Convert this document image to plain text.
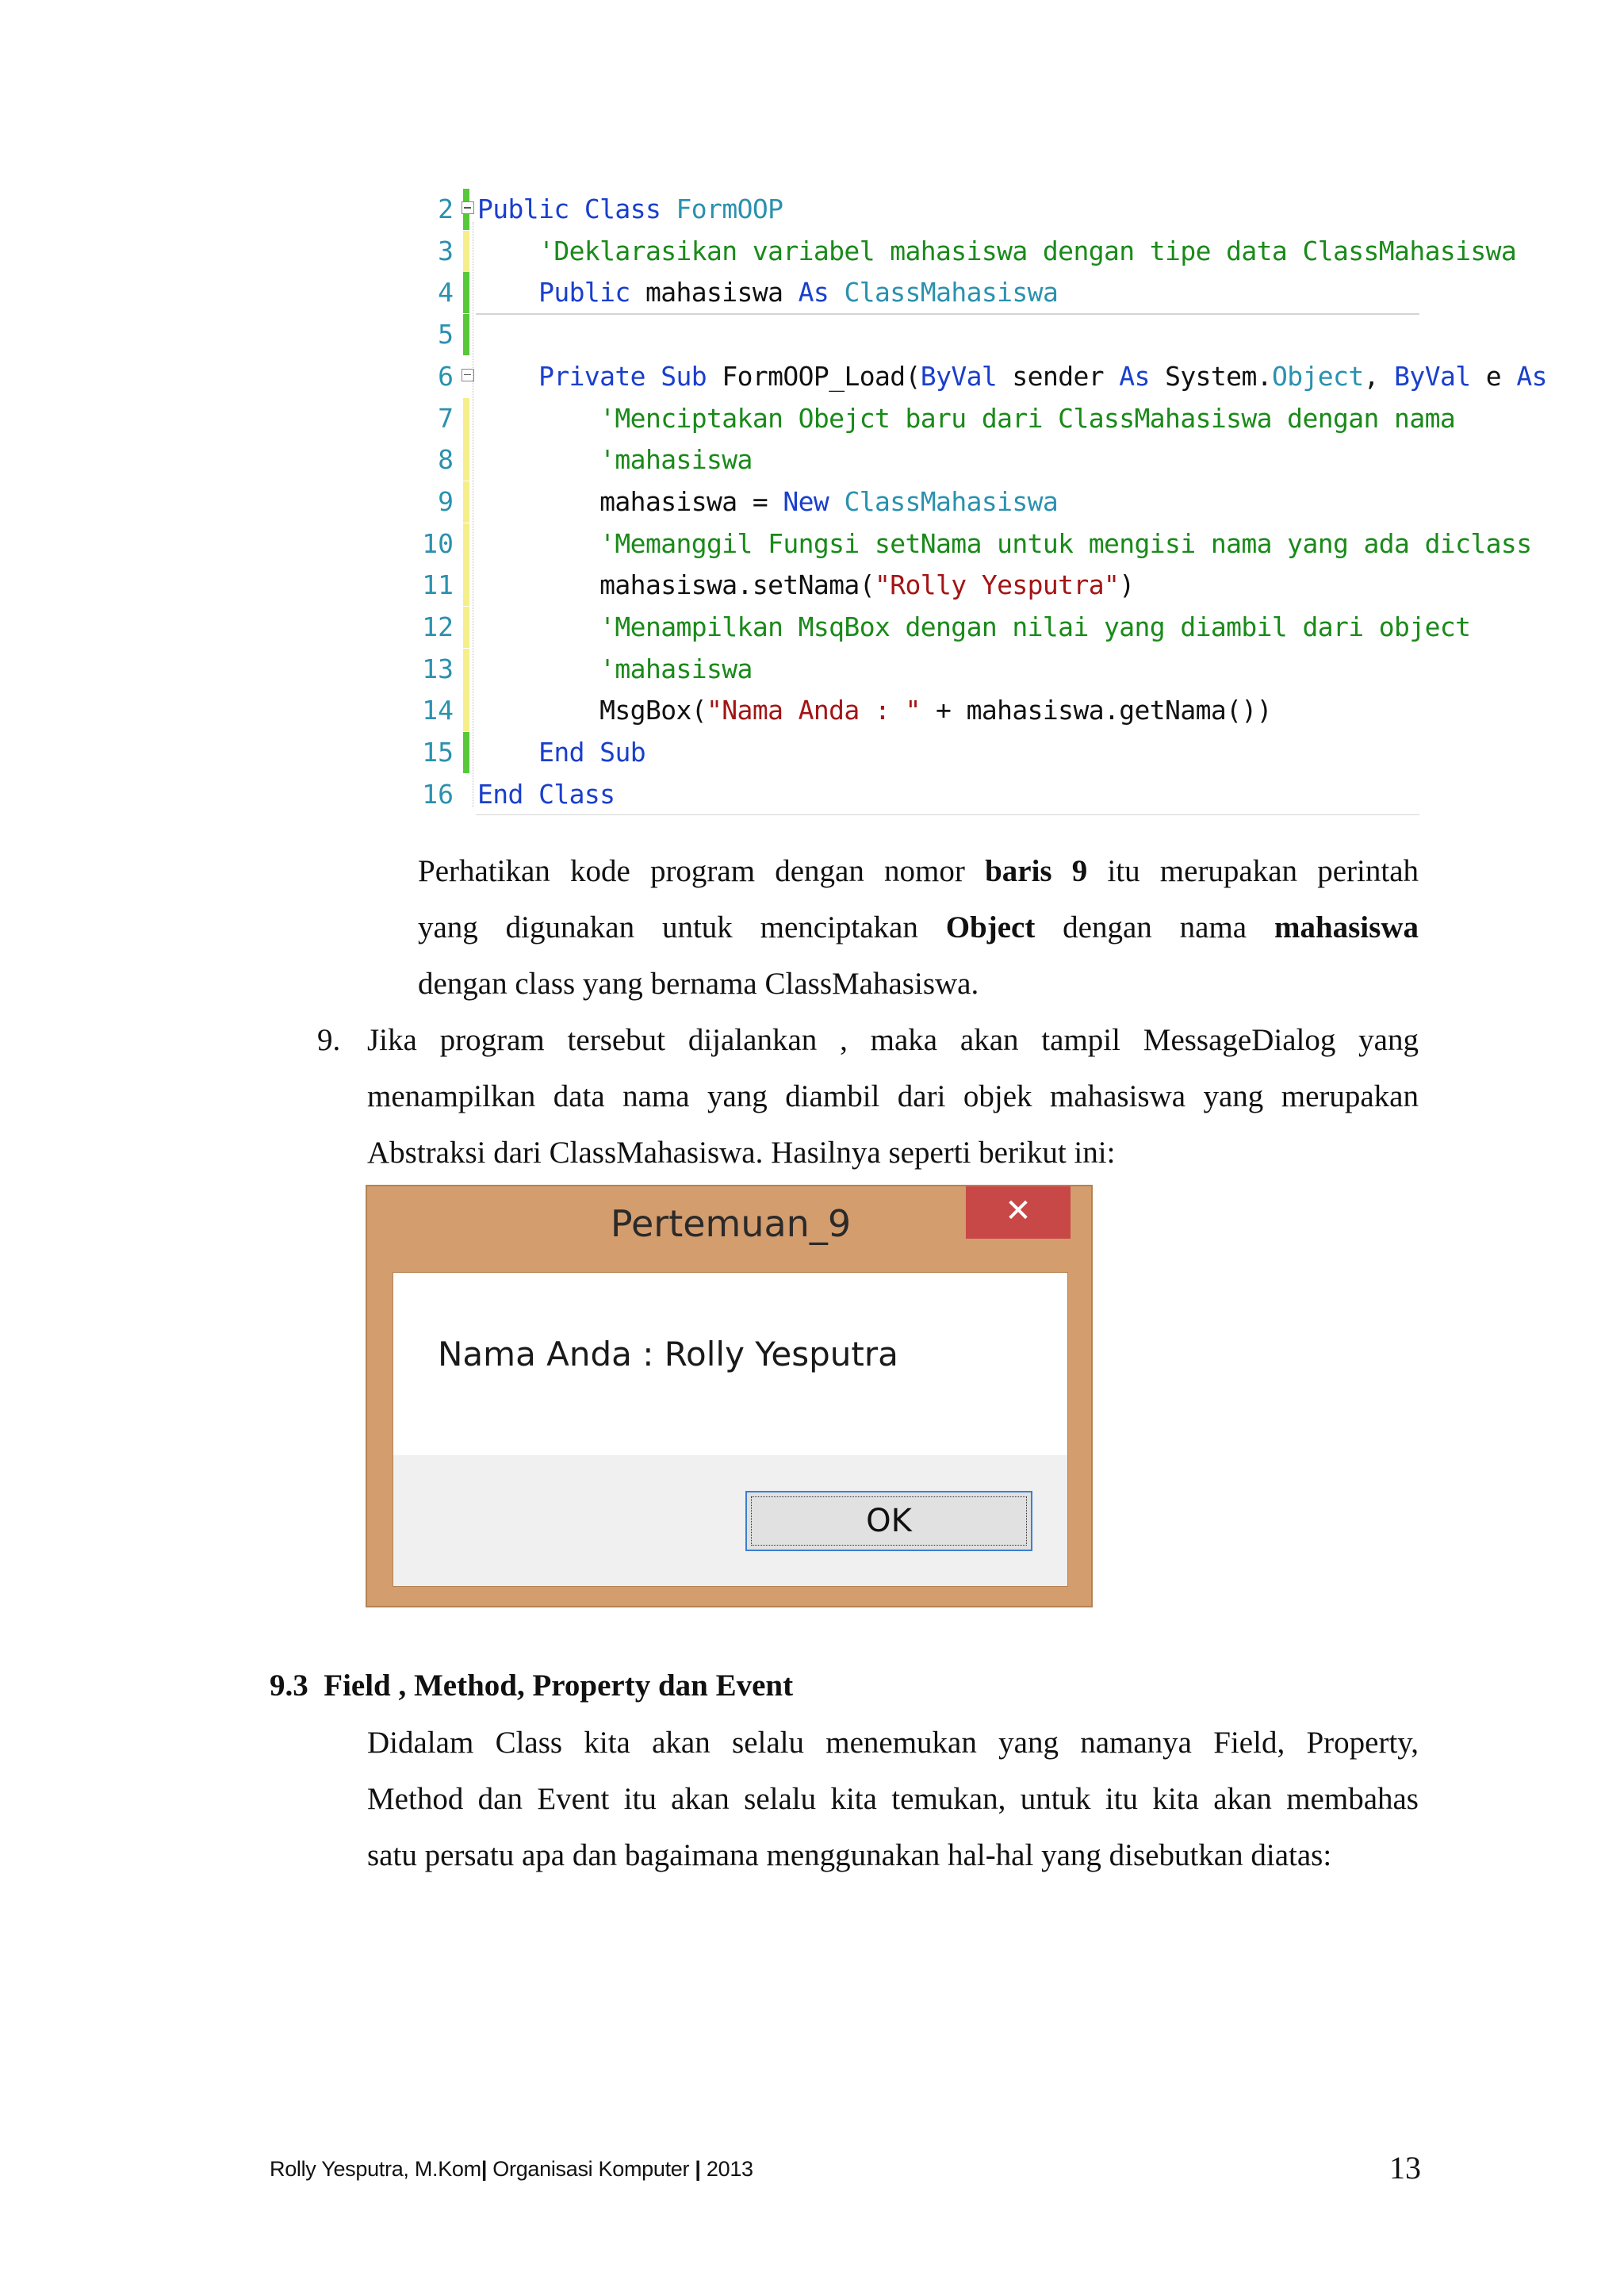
2 Public Class FormOOP
3 'Deklarasikan variabel mahasiswa dengan tipe data ClassMahasiswa
4	Public mahasiswa As ClassMahasiswa
5
6	Private Sub FormOOP_Load(ByVal sender As System.Object, ByVal e As
7 'Menciptakan Obejct baru dari ClassMahasiswa dengan nama
8 'mahasiswa
9 mahasiswa = New ClassMahasiswa
10 'Memanggil Fungsi setNama untuk mengisi nama yang ada diclass
11 mahasiswa.setNama("Rolly Yesputra")
12 'Menampilkan MsqBox dengan nilai yang diambil dari object
13 'mahasiswa
14 MsgBox("Nama Anda : " + mahasiswa.getNama())
15	End Sub
16 End Class
Perhatikan kode program dengan nomor baris 9 itu merupakan perintah
yang digunakan untuk menciptakan Object dengan nama mahasiswa
dengan class yang bernama ClassMahasiswa.
9. Jika program tersebut dijalankan , maka akan tampil MessageDialog yang
menampilkan data nama yang diambil dari objek mahasiswa yang merupakan
Abstraksi dari ClassMahasiswa. Hasilnya seperti berikut ini:
Pertemuan_9	✕
Nama Anda : Rolly Yesputra
OK
9.3  Field , Method, Property dan Event
Didalam Class kita akan selalu menemukan yang namanya Field, Property,
Method dan Event itu akan selalu kita temukan, untuk itu kita akan membahas
satu persatu apa dan bagaimana menggunakan hal-hal yang disebutkan diatas:
Rolly Yesputra, M.Kom| Organisasi Komputer | 2013	13
